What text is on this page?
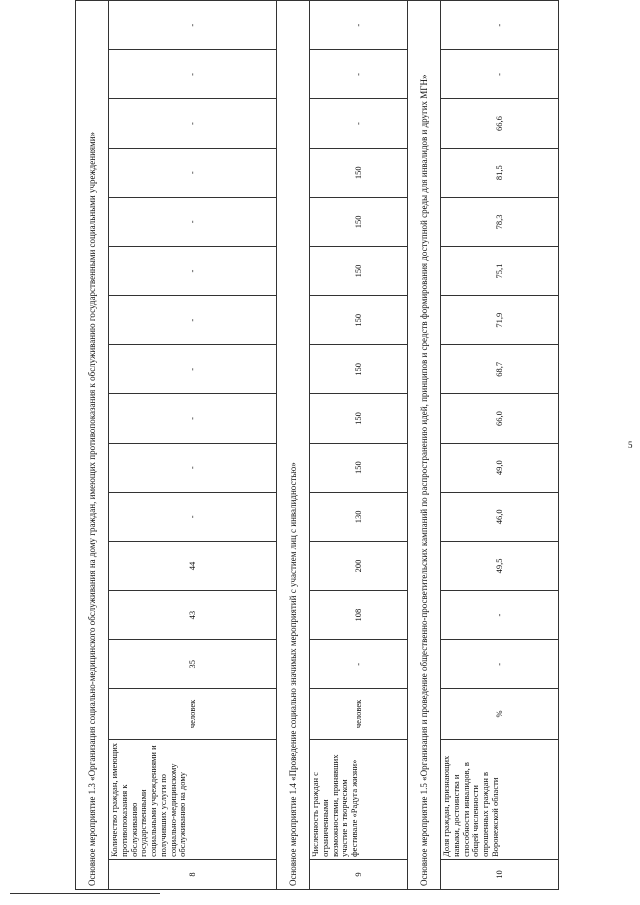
5
Основное мероприятие 1.3 «Организация социально-медицинского обслуживания на дому граждан, имеющих противопоказания к обслуживанию государственными социальными учреждениями»																
8	Количество граждан, имеющих противопоказания к обслуживанию государственными социальными учреждениями и получивших услуги по социально-медицинскому обслуживанию на дому	человек	35	43	44	-	-	-	-	-	-	-	-	-	-	-
Основное мероприятие 1.4 «Проведение социально значимых мероприятий с участием лиц с инвалидностью»																
9	Численность граждан с ограниченными возможностями, принявших участие в творческом фестивале «Радуга жизни»	человек	-	108	200	130	150	150	150	150	150	150	150	-	-	-
Основное мероприятие 1.5 «Организация и проведение общественно-просветительских кампаний по распространению идей, принципов и средств формирования доступной среды для инвалидов и других МГН»																
10	Доля граждан, признающих навыки, достоинства и способности инвалидов, в общей численности опрошенных граждан в Воронежской области	%	-	-	49,5	46,0	49,0	66,0	68,7	71,9	75,1	78,3	81,5	66,6	-	-
